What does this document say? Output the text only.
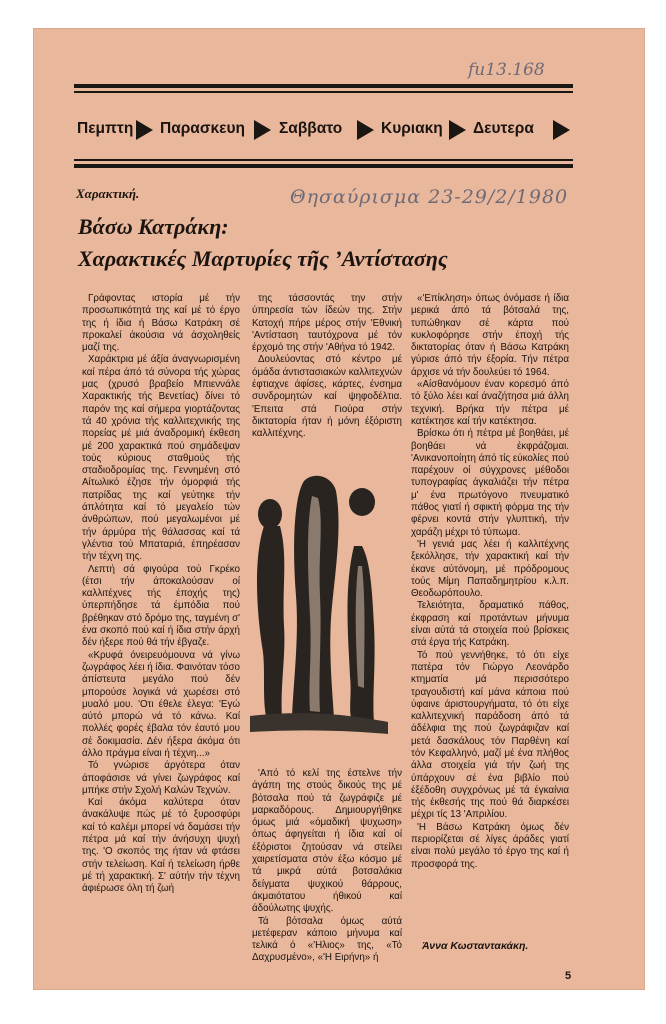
fu13.168
Πεμπτη Παρασκευη Σαββατο	Κυριακη Δευτερα
Χαρακτική.	Θησαύρισμα 23-29/2/1980
Βάσω Κατράκη:
Χαρακτικές Μαρτυρίες τῆς ’Αντίστασης

Γράφοντας ιστορία μέ τήν προσωπικότητά της καί μέ τό έργο της ή ίδια ή Βάσω Κατράκη σέ προκαλεί άκούσια νά άσχοληθείς μαζί της.

Χαράκτρια μέ άξία άναγνωρισμένη καί πέρα άπό τά σύνορα τής χώρας μας (χρυσό βραβείο Μπιεννάλε Χαρακτικής τής Βενετίας) δίνει τό παρόν της καί σήμερα γιορτάζοντας τά 40 χρόνια τής καλλιτεχνικής της πορείας μέ μιά άναδρομική έκθεση μέ 200 χαρακτικά πού σημάδεψαν τούς κύριους σταθμούς τής σταδιοδρομίας της. Γεννημένη στό Αίτωλικό έζησε τήν όμορφιά τής πατρίδας της καί γεύτηκε τήν άπλότητα καί τό μεγαλείο τών άνθρώπων, πού μεγαλωμένοι μέ τήν άρμύρα τής θάλασσας καί τά γλέντια τού Μπαταριά, έπηρέασαν τήν τέχνη της.

Λεπτή σά φιγούρα τού Γκρέκο (έτσι τήν άποκαλούσαν οί καλλιτέχνες τής έποχής της) ύπερπήδησε τά έμπόδια πού βρέθηκαν στό δρόμο της, ταγμένη σ' ένα σκοπό πού καί ή ίδια στήν άρχή δέν ήξερε πού θά τήν έβγαζε.

«Κρυφά όνειρευόμουνα νά γίνω ζωγράφος λέει ή ίδια. Φαινόταν τόσο άπίστευτα μεγάλο πού δέν μπορούσε λογικά νά χωρέσει στό μυαλό μου. 'Οτι έθελε έλεγα: 'Εγώ αύτό μπορώ νά τό κάνω. Καί πολλές φορές έβαλα τόν έαυτό μου σέ δοκιμασία. Δέν ήξερα άκόμα ότι άλλο πράγμα είναι ή τέχνη...»

Τό γνώρισε άργότερα όταν άποφάσισε νά γίνει ζωγράφος καί μπήκε στήν Σχολή Καλών Τεχνών.

Καί άκόμα καλύτερα όταν άνακάλυψε πώς μέ τό ξυροσφύρι καί τό καλέμι μπορεί νά δαμάσει τήν πέτρα μά καί τήν άνήσυχη ψυχή της. 'Ο σκοπός της ήταν νά φτάσει στήν τελείωση. Καί ή τελείωση ήρθε μέ τή χαρακτική. Σ' αύτήν τήν τέχνη άφιέρωσε όλη τή ζωή

της τάσσοντάς την στήν ύπηρεσία τών ίδεών της. Στήν Κατοχή πήρε μέρος στήν 'Εθνική 'Αντίσταση ταυτόχρονα μέ τόν έρχομό της στήν 'Αθήνα τό 1942.

Δουλεύοντας στό κέντρο μέ όμάδα άντιστασιακών καλλιτεχνών έφτιαχνε άφίσες, κάρτες, ένσημα συνδρομητών καί ψηφοδέλτια. 'Επειτα στά Γιούρα στήν δικτατορία ήταν ή μόνη έξόριστη καλλιτέχνης.

'Από τό κελί της έστελνε τήν άγάπη της στούς δικούς της μέ βότσαλα πού τά ζωγράφιζε μέ μαρκαδόρους. Δημιουργήθηκε όμως μιά «όμαδική ψυχωση» όπως άφηγείται ή ίδια καί οί έξόριστοι ζητούσαν νά στείλει χαιρετίσματα στόν έξω κόσμο μέ τά μικρά αύτά βοτσαλάκια δείγματα ψυχικού θάρρους, άκμαιότατου ήθικού καί άδούλωτης ψυχής.

Τά βότσαλα όμως αύτά μετέφεραν κάποιο μήνυμα καί τελικά ό «'Ηλιος» της, «Τό Δαχρυσμένο», «'Η Ειρήνη» ή

«'Επίκληση» όπως όνόμασε ή ίδια μερικά άπό τά βότσαλά της, τυπώθηκαν σέ κάρτα πού κυκλοφόρησε στήν έποχή τής δικτατορίας όταν ή Βάσω Κατράκη γύρισε άπό τήν έξορία. Τήν πέτρα άρχισε νά τήν δουλεύει τό 1964.

«Αίσθανόμουν έναν κορεσμό άπό τό ξύλο λέει καί άναζήτησα μιά άλλη τεχνική. Βρήκα τήν πέτρα μέ κατέκτησε καί τήν κατέκτησα.

Βρίσκω ότι ή πέτρα μέ βοηθάει, μέ βοηθάει νά έκφράζομαι. 'Ανικανοποίητη άπό τίς εύκολίες πού παρέχουν οί σύγχρονες μέθοδοι τυπογραφίας άγκαλιάζει τήν πέτρα μ' ένα πρωτόγονο πνευματικό πάθος γιατί ή σφικτή φόρμα της τήν φέρνει κοντά στήν γλυπτική, τήν χαράζη μέχρι τό τύπωμα.

'Η γενιά μας λέει ή καλλιτέχνης ξεκόλλησε, τήν χαρακτική καί τήν έκανε αύτόνομη, μέ πρόδρομους τούς Μίμη Παπαδημητρίου κ.λ.π. Θεοδωρόπουλο.

Τελειότητα, δραματικό πάθος, έκφραση καί προτάντων μήνυμα είναι αύτά τά στοιχεία πού βρίσκεις στά έργα τής Κατράκη.

Τό πού γεννήθηκε, τό ότι είχε πατέρα τόν Γιώργο Λεονάρδο κτηματία μά περισσότερο τραγουδιστή καί μάνα κάποια πού ύφαινε άριστουργήματα, τό ότι είχε καλλιτεχνική παράδοση άπό τά άδέλφια της πού ζωγράφιζαν καί μετά δασκάλους τόν Παρθένη καί τόν Κεφαλληνό, μαζί μέ ένα πλήθος άλλα στοιχεία γιά τήν ζωή της ύπάρχουν σέ ένα βιβλίο πού έξέδοθη συγχρόνως μέ τά έγκαίνια τής έκθεσής της πού θά διαρκέσει μέχρι τίς 13 'Απριλίου.

'Η Βάσω Κατράκη όμως δέν περιορίζεται σέ λίγες άράδες γιατί είναι πολύ μεγάλο τό έργο της καί ή προσφορά της.

Άννα Κωσταντακάκη.
5
